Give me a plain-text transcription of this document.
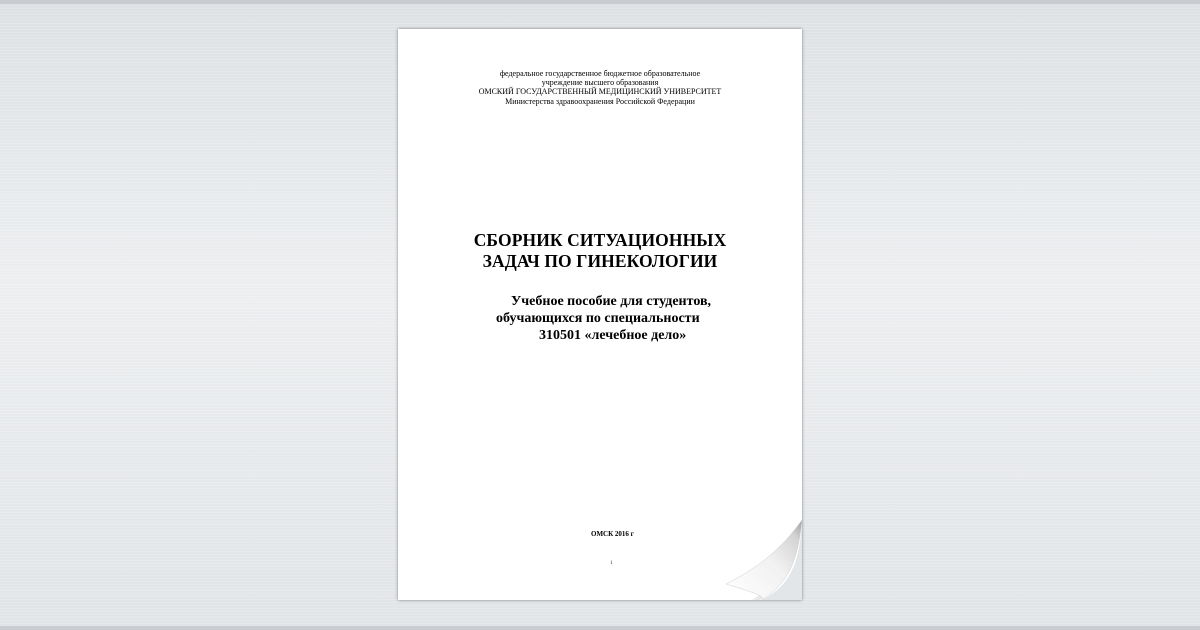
федеральное государственное бюджетное образовательное
учреждение высшего образования
ОМСКИЙ ГОСУДАРСТВЕННЫЙ МЕДИЦИНСКИЙ УНИВЕРСИТЕТ
Министерства здравоохранения Российской Федерации
СБОРНИК СИТУАЦИОННЫХ
ЗАДАЧ ПО ГИНЕКОЛОГИИ
Учебное пособие для студентов,
обучающихся по специальности
310501 «лечебное дело»
ОМСК 2016 г
1
